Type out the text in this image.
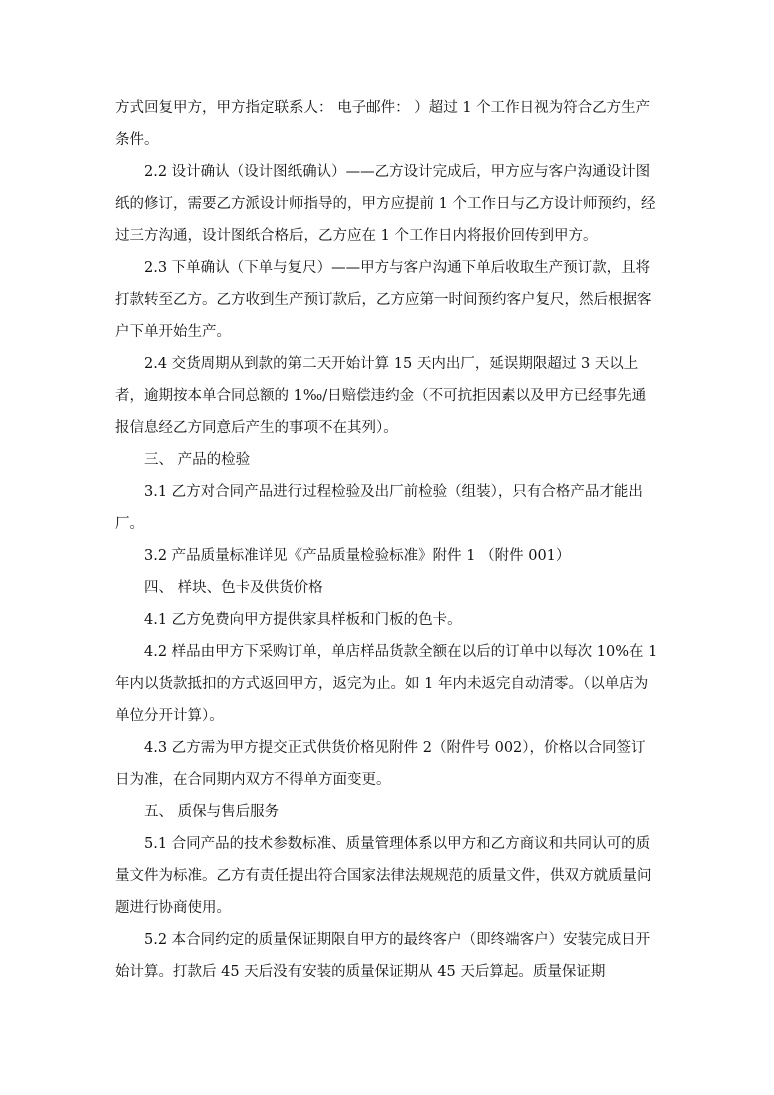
方式回复甲方，甲方指定联系人： 电子邮件： ）超过 1 个工作日视为符合乙方生产条件。

2.2 设计确认（设计图纸确认）——乙方设计完成后，甲方应与客户沟通设计图纸的修订，需要乙方派设计师指导的，甲方应提前 1 个工作日与乙方设计师预约，经过三方沟通，设计图纸合格后，乙方应在 1 个工作日内将报价回传到甲方。

2.3 下单确认（下单与复尺）——甲方与客户沟通下单后收取生产预订款，且将打款转至乙方。乙方收到生产预订款后，乙方应第一时间预约客户复尺，然后根据客户下单开始生产。

2.4 交货周期从到款的第二天开始计算 15 天内出厂，延误期限超过 3 天以上者，逾期按本单合同总额的 1‰/日赔偿违约金（不可抗拒因素以及甲方已经事先通报信息经乙方同意后产生的事项不在其列）。

三、 产品的检验

3.1 乙方对合同产品进行过程检验及出厂前检验（组装），只有合格产品才能出厂。

3.2 产品质量标准详见《产品质量检验标准》附件 1 （附件 001）

四、 样块、色卡及供货价格

4.1 乙方免费向甲方提供家具样板和门板的色卡。

4.2 样品由甲方下采购订单，单店样品货款全额在以后的订单中以每次 10%在 1 年内以货款抵扣的方式返回甲方，返完为止。如 1 年内未返完自动清零。（以单店为单位分开计算）。

4.3 乙方需为甲方提交正式供货价格见附件 2（附件号 002），价格以合同签订日为准，在合同期内双方不得单方面变更。

五、 质保与售后服务

5.1 合同产品的技术参数标准、质量管理体系以甲方和乙方商议和共同认可的质量文件为标准。乙方有责任提出符合国家法律法规规范的质量文件，供双方就质量问题进行协商使用。

5.2 本合同约定的质量保证期限自甲方的最终客户（即终端客户）安装完成日开始计算。打款后 45 天后没有安装的质量保证期从 45 天后算起。质量保证期
